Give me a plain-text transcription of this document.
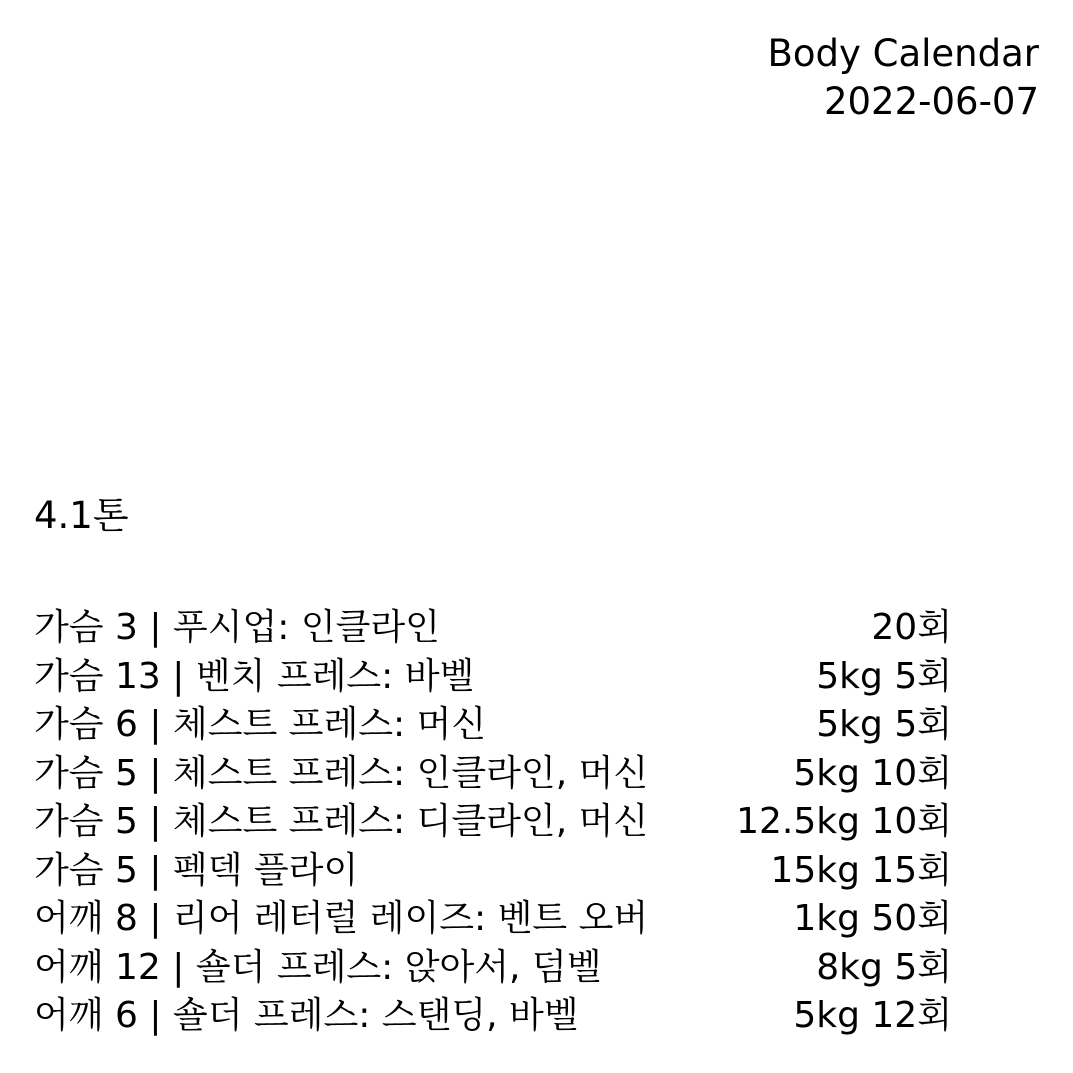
Body Calendar
2022-06-07
4.1톤
가슴 3 | 푸시업: 인클라인	20회
가슴 13 | 벤치 프레스: 바벨	5kg 5회
가슴 6 | 체스트 프레스: 머신	5kg 5회
가슴 5 | 체스트 프레스: 인클라인, 머신	5kg 10회
가슴 5 | 체스트 프레스: 디클라인, 머신 12.5kg 10회
가슴 5 | 펙덱 플라이	15kg 15회
어깨 8 | 리어 레터럴 레이즈: 벤트 오버	1kg 50회
어깨 12 | 숄더 프레스: 앉아서, 덤벨	8kg 5회
어깨 6 | 숄더 프레스: 스탠딩, 바벨	5kg 12회
